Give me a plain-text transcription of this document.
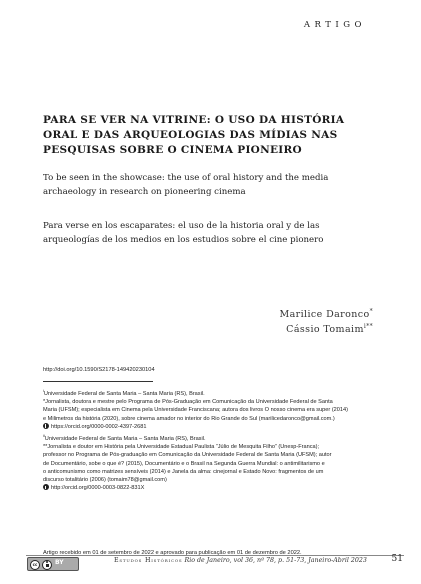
ARTIGO
PARA SE VER NA VITRINE: O USO DA HISTÓRIA
ORAL E DAS ARQUEOLOGIAS DAS MÍDIAS NAS
PESQUISAS SOBRE O CINEMA PIONEIRO
To be seen in the showcase: the use of oral history and the media
archaeology in research on pioneering cinema
Para verse en los escaparates: el uso de la historia oral y de las
arqueologías de los medios en los estudios sobre el cine pionero
Marilice Daronco*
Cássio Tomaim$^{i**}$
http://doi.org/10.1590/S2178-149420230104
$^i$Universidade Federal de Santa Maria – Santa Maria (RS), Brasil.
*Jornalista, doutora e mestre pelo Programa de Pós-Graduação em Comunicação da Universidade Federal de Santa
Maria (UFSM); especialista em Cinema pela Universidade Franciscana; autora dos livros O nosso cinema era super (2014)
e Milimetros da história (2020), sobre cinema amador no interior do Rio Grande do Sul (marilicedaronco@gmail.com.)
https://orcid.org/0000-0002-4397-2681
$^{ii}$Universidade Federal de Santa Maria – Santa Maria (RS), Brasil.
**Jornalista e doutor em História pela Universidade Estadual Paulista “Júlio de Mesquita Filho” (Unesp-Franca);
professor no Programa de Pós-graduação em Comunicação da Universidade Federal de Santa Maria (UFSM); autor
de Documentário, sobe o que é? (2015), Documentário e o Brasil na Segunda Guerra Mundial: o antimilitarismo e
o anticomunismo como matrizes sensíveis (2014) e Janela da alma: cinejornal e Estado Novo: fragmentos de um
discurso totalitário (2006) (tomaim78@gmail.com)
http://orcid.org/0000-0003-0822-831X
Artigo recebido em 01 de setembro de 2022 e aprovado para publicação em 01 de dezembro de 2022.
cc	BY	Estudos Históricos Rio de Janeiro, vol 36, nº 78, p. 51-73, Janeiro-Abril 2023	51
